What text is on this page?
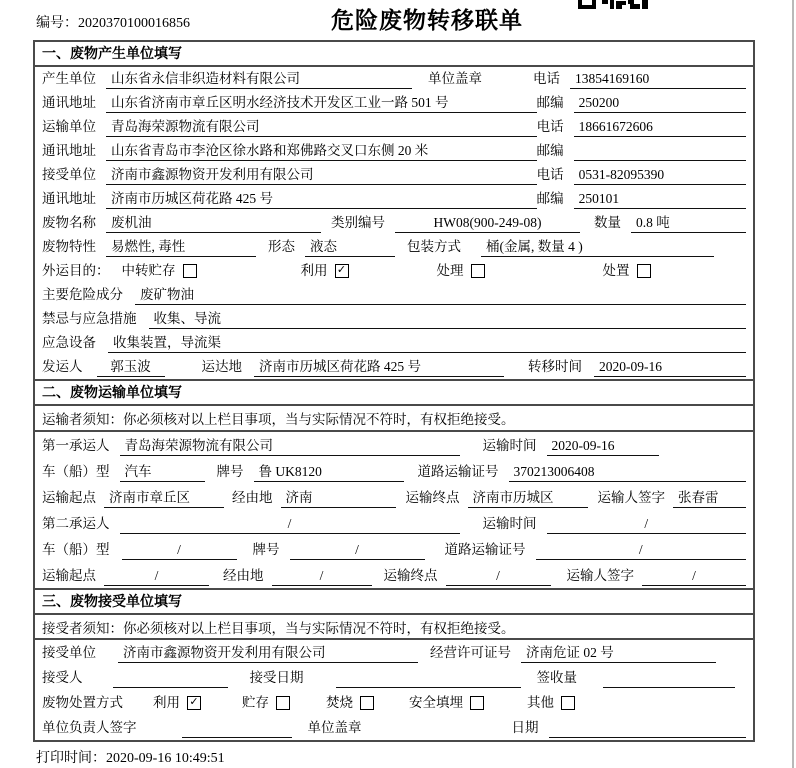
编号：2020370100016856	危险废物转移联单
一、废物产生单位填写
产生单位	山东省永信非织造材料有限公司	单位盖章	电话	13854169160
通讯地址	山东省济南市章丘区明水经济技术开发区工业一路 501 号	邮编	250200
运输单位	青岛海荣源物流有限公司	电话	18661672606
通讯地址	山东省青岛市李沧区徐水路和郑佛路交叉口东侧 20 米	邮编
接受单位	济南市鑫源物资开发利用有限公司	电话	0531-82095390
通讯地址	济南市历城区荷花路 425 号	邮编	250101
废物名称	废机油	类别编号	HW08(900-249-08)	数量	0.8 吨
废物特性	易燃性, 毒性	形态	液态	包装方式	桶(金属, 数量 4 )
外运目的： 中转贮存	利用 ✓	处理	处置
主要危险成分	废矿物油
禁忌与应急措施	收集、导流
应急设备	收集装置，导流渠
发运人	郭玉波	运达地	济南市历城区荷花路 425 号	转移时间	2020-09-16
二、废物运输单位填写
运输者须知：你必须核对以上栏目事项，当与实际情况不符时，有权拒绝接受。
第一承运人	青岛海荣源物流有限公司	运输时间	2020-09-16
车（船）型	汽车	牌号	鲁 UK8120	道路运输证号	370213006408
运输起点 济南市章丘区	经由地 济南	运输终点 济南市历城区	运输人签字 张春雷
第二承运人	/	运输时间	/
车（船）型	/	牌号	/	道路运输证号	/
运输起点	/	经由地	/	运输终点	/	运输人签字	/
三、废物接受单位填写
接受者须知：你必须核对以上栏目事项，当与实际情况不符时，有权拒绝接受。
接受单位	济南市鑫源物资开发利用有限公司	经营许可证号	济南危证 02 号
接受人	接受日期	签收量
废物处置方式 利用 ✓	贮存	焚烧	安全填埋	其他
单位负责人签字	单位盖章	日期
打印时间：2020-09-16 10:49:51
